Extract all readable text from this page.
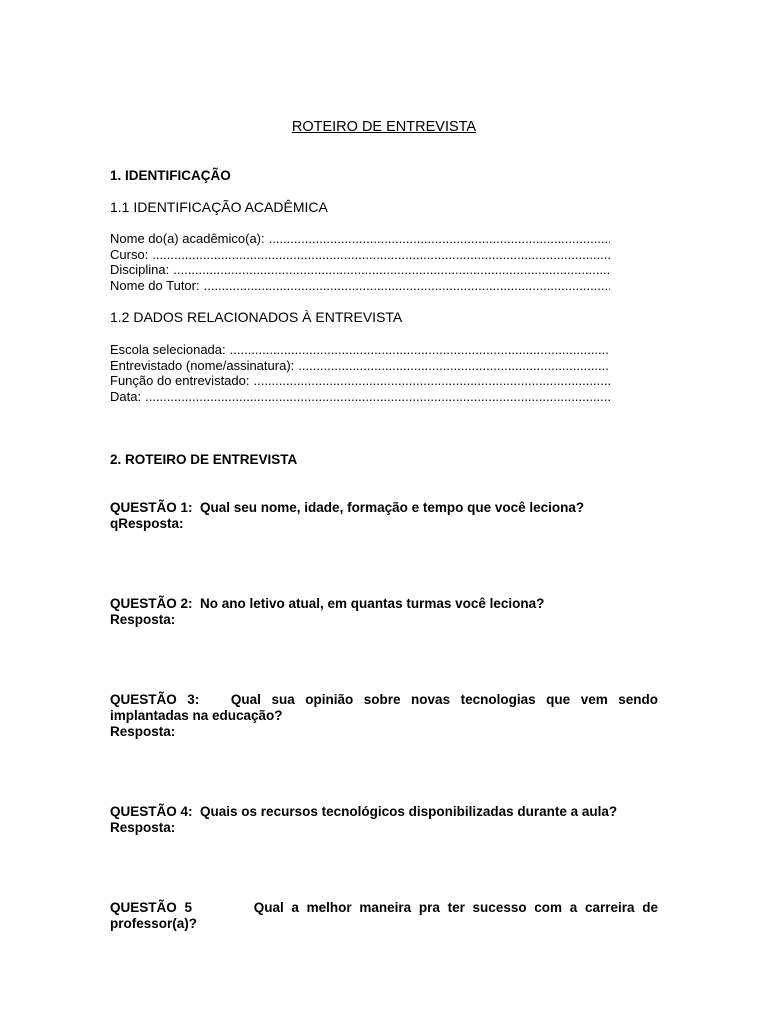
ROTEIRO DE ENTREVISTA
1. IDENTIFICAÇÃO
1.1 IDENTIFICAÇÃO ACADÊMICA
Nome do(a) acadêmico(a):
.....
Curso:
.....
Disciplina:
.....
Nome do Tutor:
.....
1.2 DADOS RELACIONADOS À ENTREVISTA
Escola selecionada:
.....
Entrevistado (nome/assinatura):
.....
Função do entrevistado:
.....
Data:
.....
2. ROTEIRO DE ENTREVISTA
QUESTÃO 1: Qual seu nome, idade, formação e tempo que você leciona?
qResposta:
QUESTÃO 2: No ano letivo atual, em quantas turmas você leciona?
Resposta:
QUESTÃO 3: Qual sua opinião sobre novas tecnologias que vem sendo implantadas na educação?
Resposta:
QUESTÃO 4: Quais os recursos tecnológicos disponibilizadas durante a aula?
Resposta:
QUESTÃO 5	Qual a melhor maneira pra ter sucesso com a carreira de professor(a)?
